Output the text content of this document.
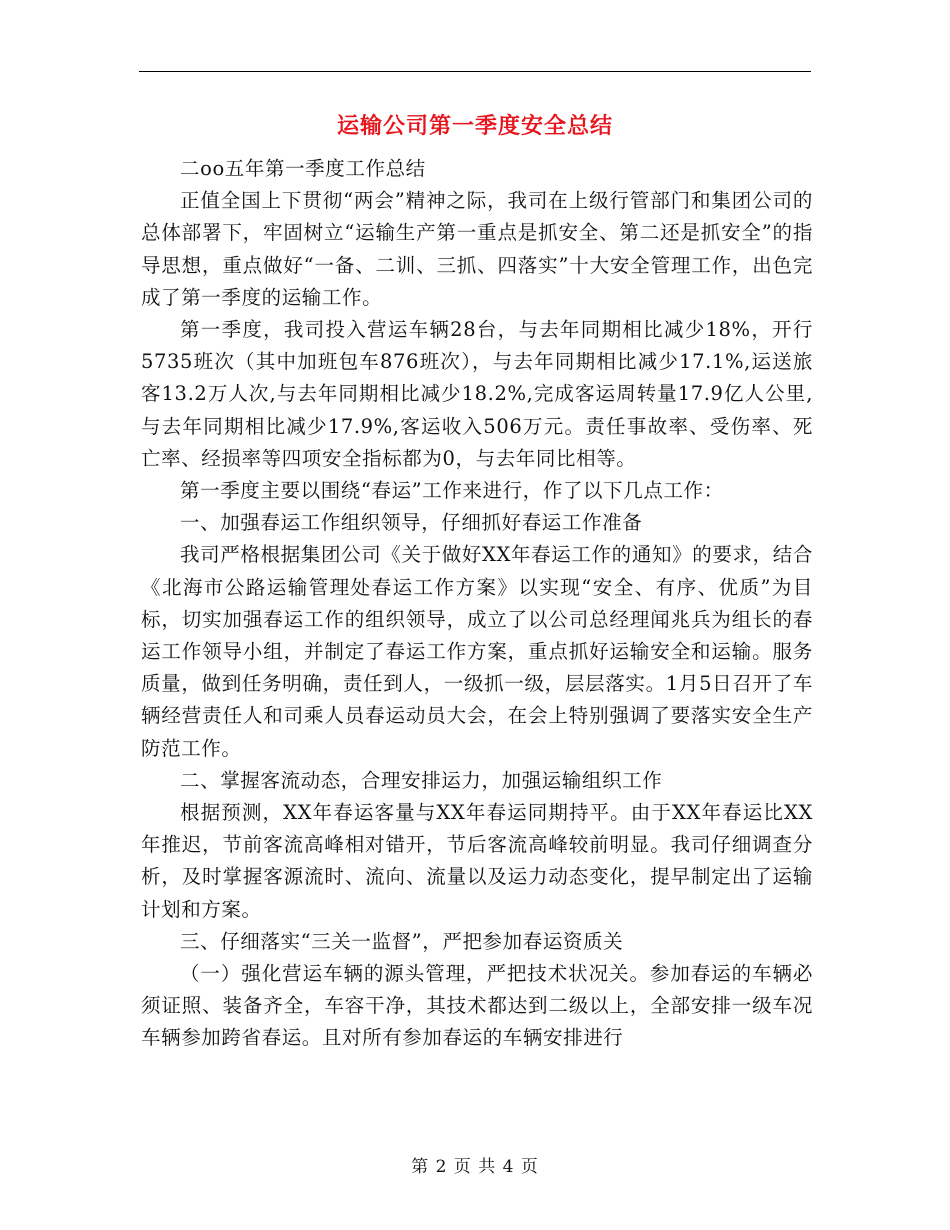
运输公司第一季度安全总结

二oo五年第一季度工作总结

正值全国上下贯彻“两会”精神之际，我司在上级行管部门和集团公司的总体部署下，牢固树立“运输生产第一重点是抓安全、第二还是抓安全”的指导思想，重点做好“一备、二训、三抓、四落实”十大安全管理工作，出色完成了第一季度的运输工作。

第一季度，我司投入营运车辆28台，与去年同期相比减少18%，开行5735班次（其中加班包车876班次），与去年同期相比减少17.1%,运送旅客13.2万人次,与去年同期相比减少18.2%,完成客运周转量17.9亿人公里,与去年同期相比减少17.9%,客运收入506万元。责任事故率、受伤率、死亡率、经损率等四项安全指标都为0，与去年同比相等。

第一季度主要以围绕“春运”工作来进行，作了以下几点工作：

一、加强春运工作组织领导，仔细抓好春运工作准备

我司严格根据集团公司《关于做好XX年春运工作的通知》的要求，结合《北海市公路运输管理处春运工作方案》以实现“安全、有序、优质”为目标，切实加强春运工作的组织领导，成立了以公司总经理闻兆兵为组长的春运工作领导小组，并制定了春运工作方案，重点抓好运输安全和运输。服务质量，做到任务明确，责任到人，一级抓一级，层层落实。1月5日召开了车辆经营责任人和司乘人员春运动员大会，在会上特别强调了要落实安全生产防范工作。

二、掌握客流动态，合理安排运力，加强运输组织工作

根据预测，XX年春运客量与XX年春运同期持平。由于XX年春运比XX年推迟，节前客流高峰相对错开，节后客流高峰较前明显。我司仔细调查分析，及时掌握客源流时、流向、流量以及运力动态变化，提早制定出了运输计划和方案。

三、仔细落实“三关一监督”，严把参加春运资质关

（一）强化营运车辆的源头管理，严把技术状况关。参加春运的车辆必须证照、装备齐全，车容干净，其技术都达到二级以上，全部安排一级车况车辆参加跨省春运。且对所有参加春运的车辆安排进行

第 2 页 共 4 页
